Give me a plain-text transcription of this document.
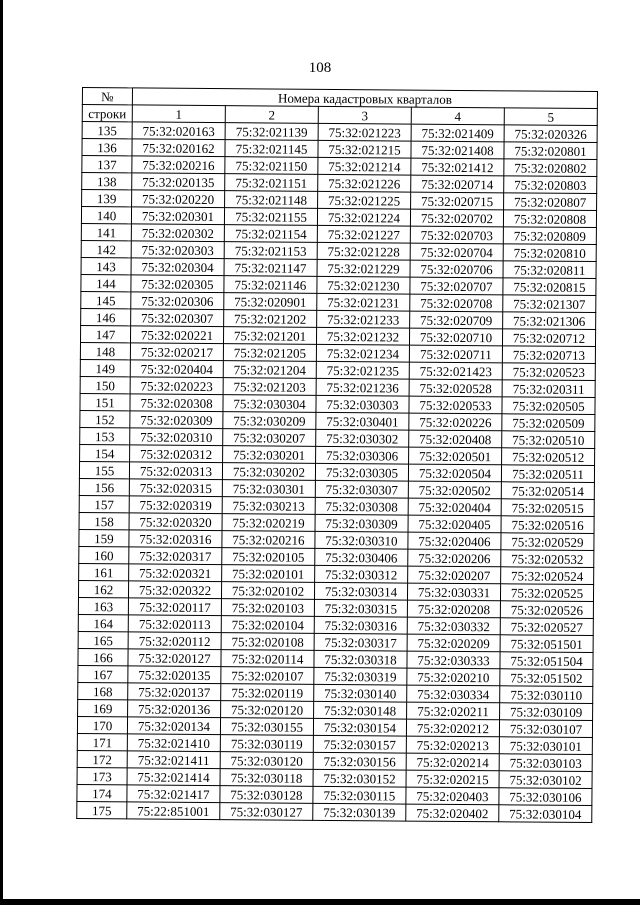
108
№	Номера кадастровых кварталов				
строки	1	2	3	4	5
135	75:32:020163	75:32:021139	75:32:021223	75:32:021409	75:32:020326
136	75:32:020162	75:32:021145	75:32:021215	75:32:021408	75:32:020801
137	75:32:020216	75:32:021150	75:32:021214	75:32:021412	75:32:020802
138	75:32:020135	75:32:021151	75:32:021226	75:32:020714	75:32:020803
139	75:32:020220	75:32:021148	75:32:021225	75:32:020715	75:32:020807
140	75:32:020301	75:32:021155	75:32:021224	75:32:020702	75:32:020808
141	75:32:020302	75:32:021154	75:32:021227	75:32:020703	75:32:020809
142	75:32:020303	75:32:021153	75:32:021228	75:32:020704	75:32:020810
143	75:32:020304	75:32:021147	75:32:021229	75:32:020706	75:32:020811
144	75:32:020305	75:32:021146	75:32:021230	75:32:020707	75:32:020815
145	75:32:020306	75:32:020901	75:32:021231	75:32:020708	75:32:021307
146	75:32:020307	75:32:021202	75:32:021233	75:32:020709	75:32:021306
147	75:32:020221	75:32:021201	75:32:021232	75:32:020710	75:32:020712
148	75:32:020217	75:32:021205	75:32:021234	75:32:020711	75:32:020713
149	75:32:020404	75:32:021204	75:32:021235	75:32:021423	75:32:020523
150	75:32:020223	75:32:021203	75:32:021236	75:32:020528	75:32:020311
151	75:32:020308	75:32:030304	75:32:030303	75:32:020533	75:32:020505
152	75:32:020309	75:32:030209	75:32:030401	75:32:020226	75:32:020509
153	75:32:020310	75:32:030207	75:32:030302	75:32:020408	75:32:020510
154	75:32:020312	75:32:030201	75:32:030306	75:32:020501	75:32:020512
155	75:32:020313	75:32:030202	75:32:030305	75:32:020504	75:32:020511
156	75:32:020315	75:32:030301	75:32:030307	75:32:020502	75:32:020514
157	75:32:020319	75:32:030213	75:32:030308	75:32:020404	75:32:020515
158	75:32:020320	75:32:020219	75:32:030309	75:32:020405	75:32:020516
159	75:32:020316	75:32:020216	75:32:030310	75:32:020406	75:32:020529
160	75:32:020317	75:32:020105	75:32:030406	75:32:020206	75:32:020532
161	75:32:020321	75:32:020101	75:32:030312	75:32:020207	75:32:020524
162	75:32:020322	75:32:020102	75:32:030314	75:32:030331	75:32:020525
163	75:32:020117	75:32:020103	75:32:030315	75:32:020208	75:32:020526
164	75:32:020113	75:32:020104	75:32:030316	75:32:030332	75:32:020527
165	75:32:020112	75:32:020108	75:32:030317	75:32:020209	75:32:051501
166	75:32:020127	75:32:020114	75:32:030318	75:32:030333	75:32:051504
167	75:32:020135	75:32:020107	75:32:030319	75:32:020210	75:32:051502
168	75:32:020137	75:32:020119	75:32:030140	75:32:030334	75:32:030110
169	75:32:020136	75:32:020120	75:32:030148	75:32:020211	75:32:030109
170	75:32:020134	75:32:030155	75:32:030154	75:32:020212	75:32:030107
171	75:32:021410	75:32:030119	75:32:030157	75:32:020213	75:32:030101
172	75:32:021411	75:32:030120	75:32:030156	75:32:020214	75:32:030103
173	75:32:021414	75:32:030118	75:32:030152	75:32:020215	75:32:030102
174	75:32:021417	75:32:030128	75:32:030115	75:32:020403	75:32:030106
175	75:22:851001	75:32:030127	75:32:030139	75:32:020402	75:32:030104
